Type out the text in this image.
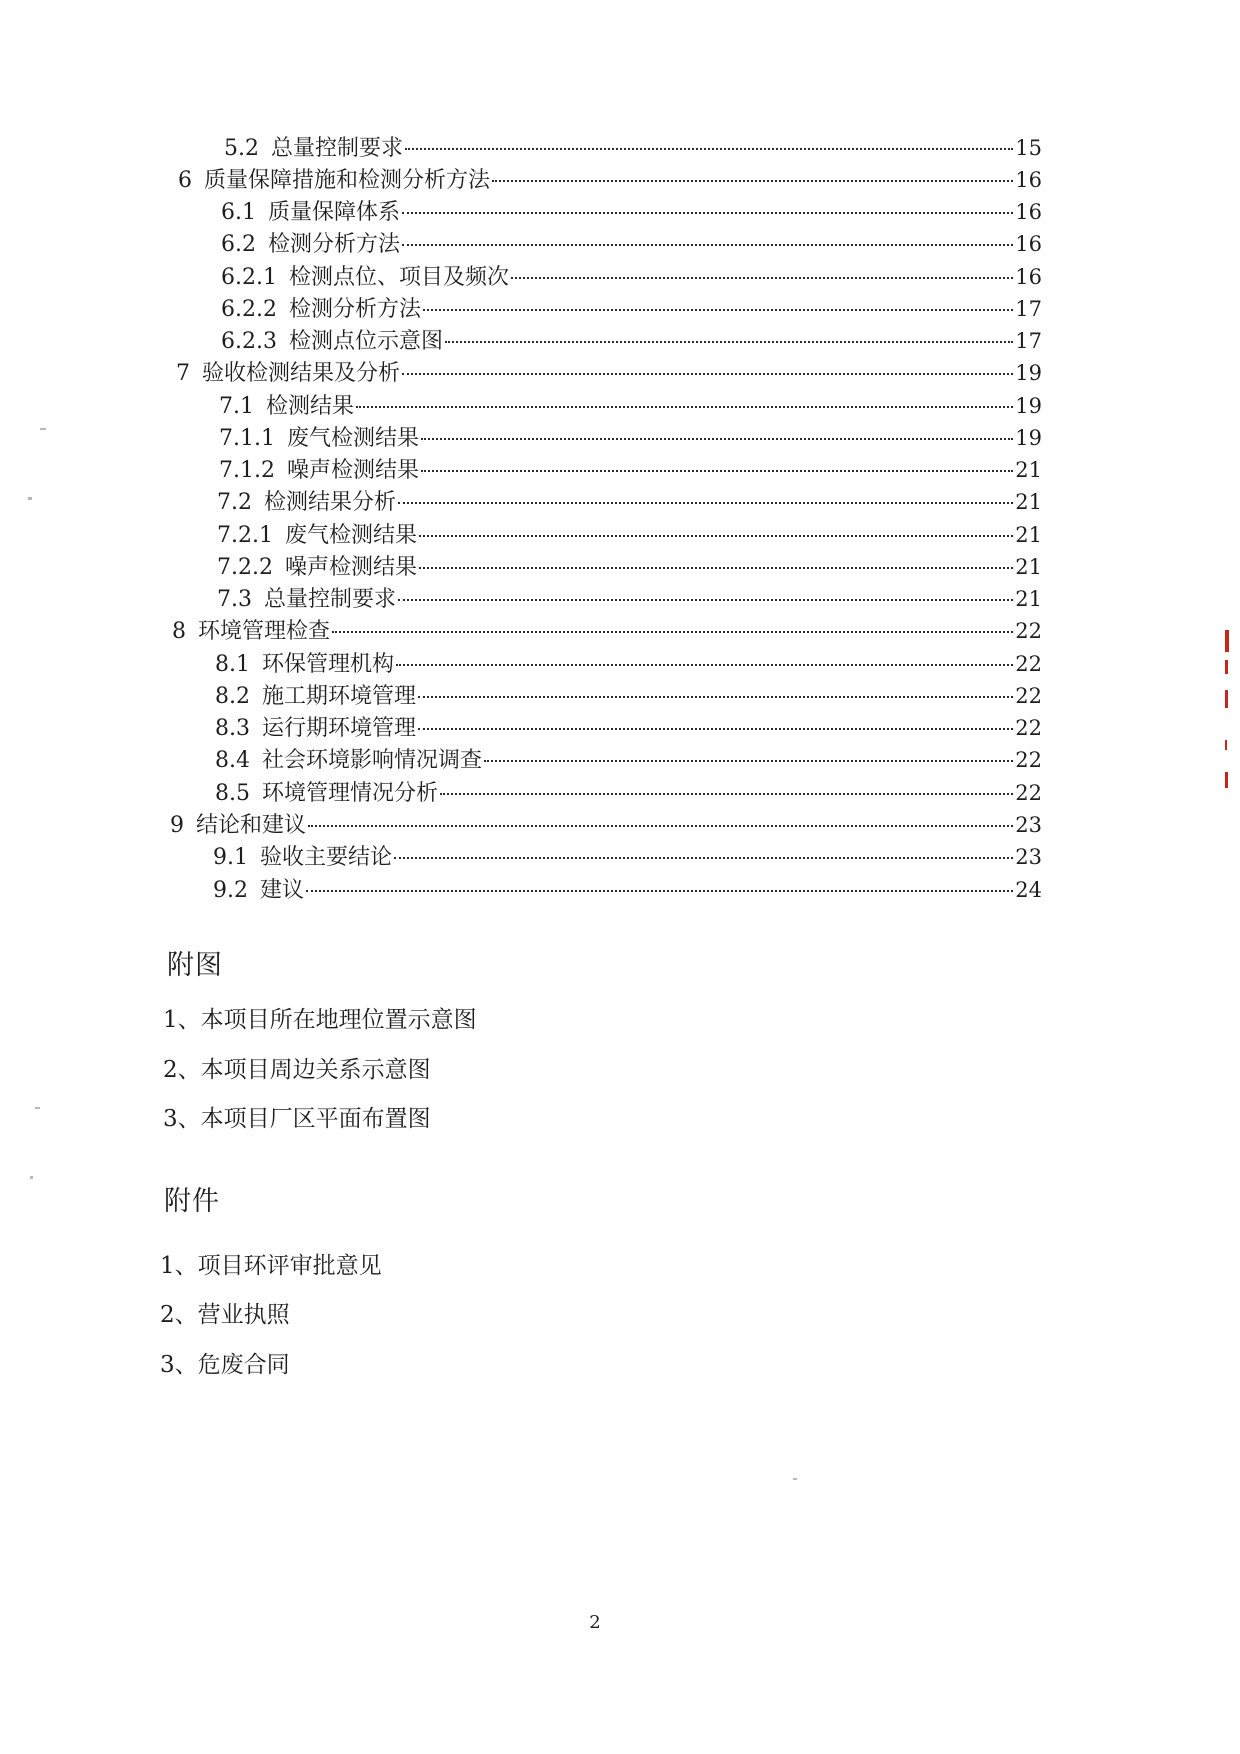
5.2 总量控制要求	15
6 质量保障措施和检测分析方法	16
6.1 质量保障体系	16
6.2 检测分析方法	16
6.2.1 检测点位、项目及频次	16
6.2.2 检测分析方法	17
6.2.3 检测点位示意图	17
7 验收检测结果及分析	19
7.1 检测结果	19
7.1.1 废气检测结果	19
7.1.2 噪声检测结果	21
7.2 检测结果分析	21
7.2.1 废气检测结果	21
7.2.2 噪声检测结果	21
7.3 总量控制要求	21
8 环境管理检查	22
8.1 环保管理机构	22
8.2 施工期环境管理	22
8.3 运行期环境管理	22
8.4 社会环境影响情况调查	22
8.5 环境管理情况分析	22
9 结论和建议	23
9.1 验收主要结论	23
9.2 建议	24
附图
1、本项目所在地理位置示意图
2、本项目周边关系示意图
3、本项目厂区平面布置图
附件
1、项目环评审批意见
2、营业执照
3、危废合同
2
